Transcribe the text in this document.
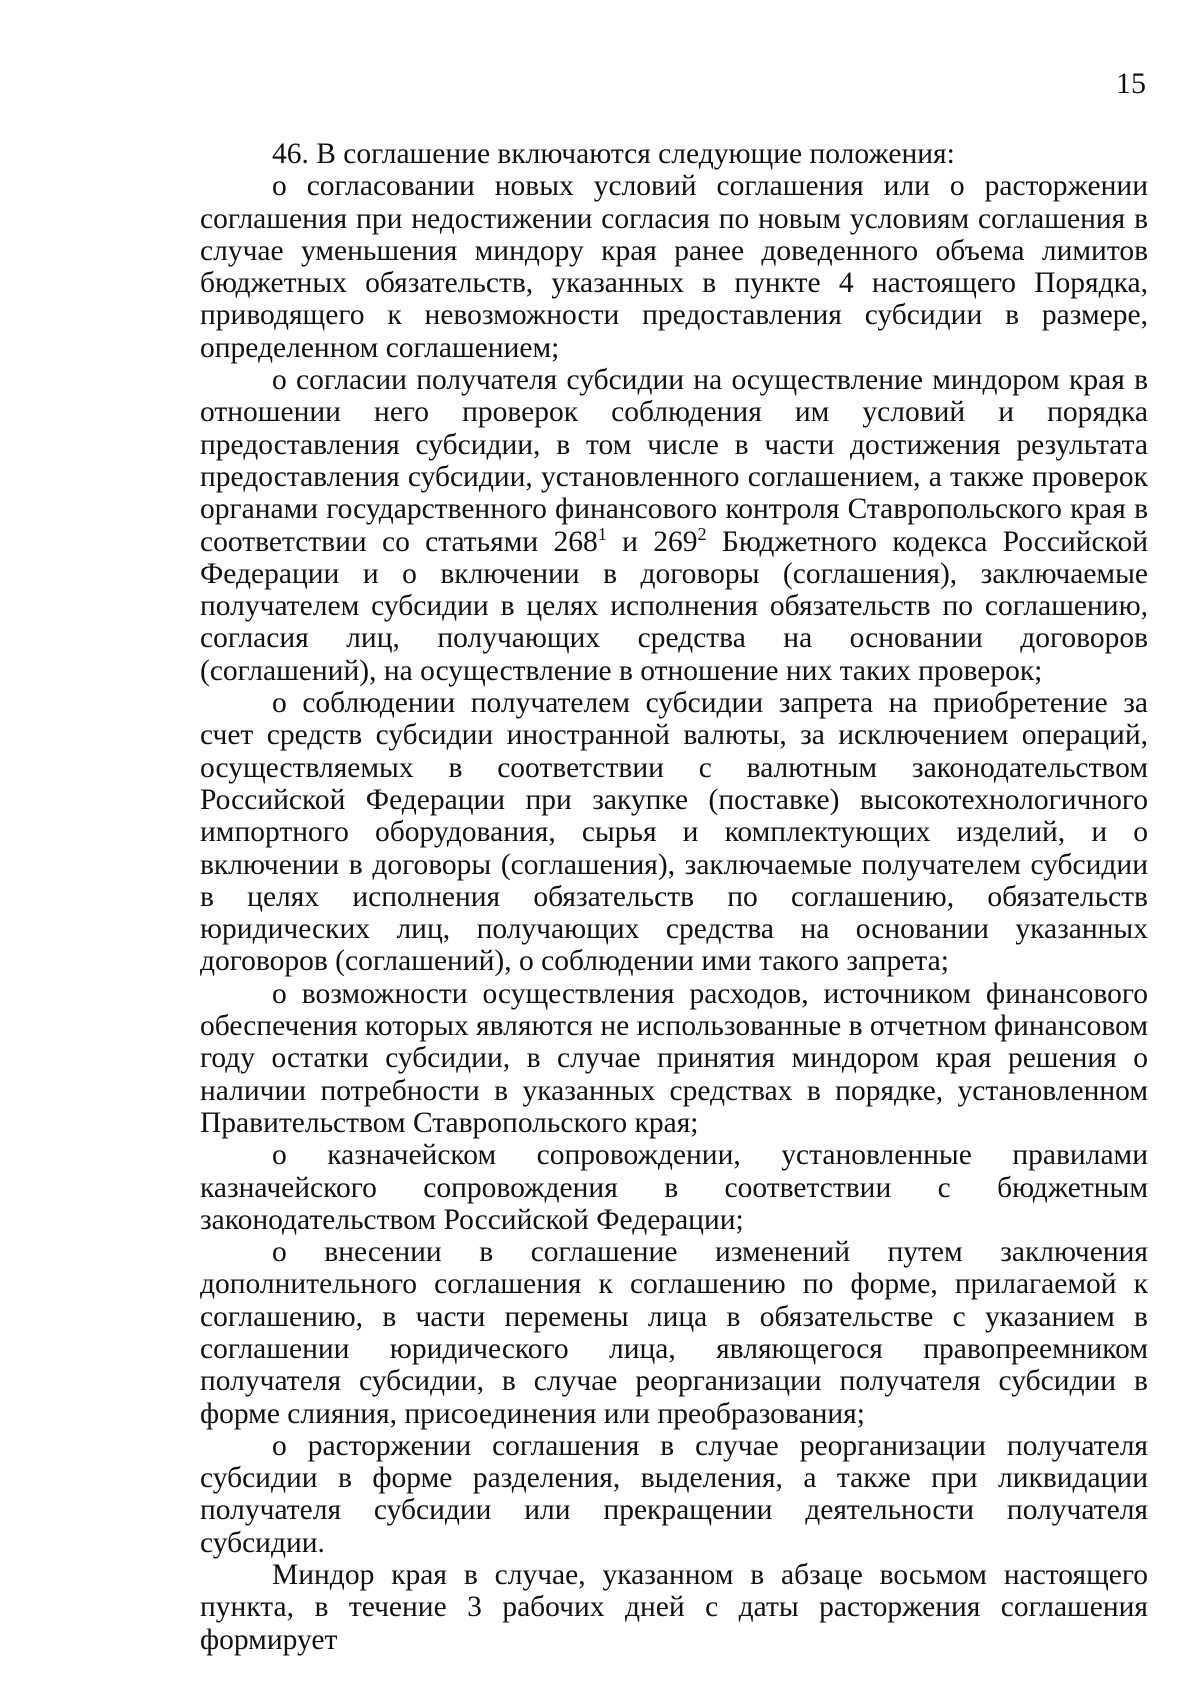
15

46. В соглашение включаются следующие положения:

о согласовании новых условий соглашения или о расторжении соглашения при недостижении согласия по новым условиям соглашения в случае уменьшения миндору края ранее доведенного объема лимитов бюджетных обязательств, указанных в пункте 4 настоящего Порядка, приводящего к невозможности предоставления субсидии в размере, определенном соглашением;

о согласии получателя субсидии на осуществление миндором края в отношении него проверок соблюдения им условий и порядка предоставления субсидии, в том числе в части достижения результата предоставления субсидии, установленного соглашением, а также проверок органами государственного финансового контроля Ставропольского края в соответствии со статьями $268^1$ и $269^2$ Бюджетного кодекса Российской Федерации и о включении в договоры (соглашения), заключаемые получателем субсидии в целях исполнения обязательств по соглашению, согласия лиц, получающих средства на основании договоров (соглашений), на осуществление в отношение них таких проверок;

о соблюдении получателем субсидии запрета на приобретение за счет средств субсидии иностранной валюты, за исключением операций, осуществляемых в соответствии с валютным законодательством Российской Федерации при закупке (поставке) высокотехнологичного импортного оборудования, сырья и комплектующих изделий, и о включении в договоры (соглашения), заключаемые получателем субсидии в целях исполнения обязательств по соглашению, обязательств юридических лиц, получающих средства на основании указанных договоров (соглашений), о соблюдении ими такого запрета;

о возможности осуществления расходов, источником финансового обеспечения которых являются не использованные в отчетном финансовом году остатки субсидии, в случае принятия миндором края решения о наличии потребности в указанных средствах в порядке, установленном Правительством Ставропольского края;

о казначейском сопровождении, установленные правилами казначейского сопровождения в соответствии с бюджетным законодательством Российской Федерации;

о внесении в соглашение изменений путем заключения дополнительного соглашения к соглашению по форме, прилагаемой к соглашению, в части перемены лица в обязательстве с указанием в соглашении юридического лица, являющегося правопреемником получателя субсидии, в случае реорганизации получателя субсидии в форме слияния, присоединения или преобразования;

о расторжении соглашения в случае реорганизации получателя субсидии в форме разделения, выделения, а также при ликвидации получателя субсидии или прекращении деятельности получателя субсидии.

Миндор края в случае, указанном в абзаце восьмом настоящего пункта, в течение 3 рабочих дней с даты расторжения соглашения формирует
